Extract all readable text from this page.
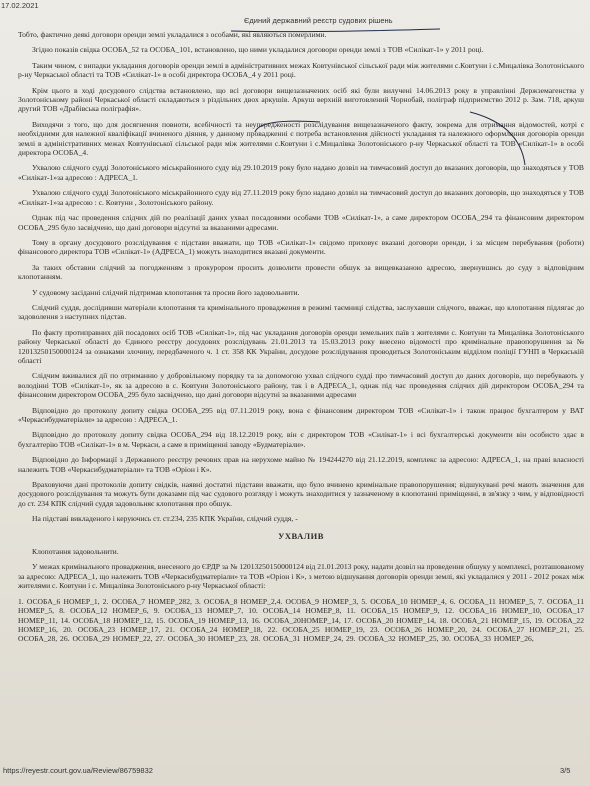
17.02.2021
Єдиний державний реєстр судових рішень

Тобто, фактично деякі договори оренди землі укладалися з особами, які являються померлими.

Згідно показів свідка ОСОБА_52 та ОСОБА_101, встановлено, що ними укладалися договори оренди землі з ТОВ «Силікат-1» у 2011 році.

Таким чином, с випадки укладання договорів оренди землі в адміністративних межах Ковтунівської сільської ради між жителями с.Ковтуни і с.Мицалівка Золотоніського р-ну Черкаської області та ТОВ «Силікат-1» в особі директора ОСОБА_4 у 2011 році.

Крім цього в ході досудового слідства встановлено, що всі договори вищезазначених осіб які були вилучені 14.06.2013 року в управлінні Держземагенства у Золотоніському районі Черкаської області складаються з різдільних двох аркушів. Аркуш верхній виготовлений Чорнобай, поліграф підприємство 2012 р. Зам. 718, аркуш другий ТОВ «Драбівська поліграфія».

Виходячи з того, що для досягнення повноти, всебічності та неупередженості розслідування вищезазначеного факту, зокрема для отримання відомостей, котрі є необхідними для належної кваліфікації вчиненого діяння, у данному провадженні є потреба встановлення дійсності укладання та належного оформлення договорів оренди землі в адміністративних межах Ковтунівської сільської ради між жителями с.Ковтуни і с.Мицалівка Золотоніського р-ну Черкаської області та ТОВ «Силікат-1» в особі директора ОСОБА_4.

Ухвалою слідчого судді Золотоніського міськрайонного суду від 29.10.2019 року було надано дозвіл на тимчасовий доступ до вказаних договорів, що знаходяться у ТОВ «Силікат-1»за адресою : АДРЕСА_1.

Ухвалою слідчого судді Золотоніського міськрайонного суду від 27.11.2019 року було надано дозвіл на тимчасовий доступ до вказаних договорів, що знаходяться у ТОВ «Силікат-1»за адресою : с. Ковтуни , Золотоніського району.

Однак під час проведення слідчих дій по реалізації даних ухвал посадовими особами ТОВ «Силікат-1», а саме директором ОСОБА_294 та фінансовим директором ОСОБА_295 було засвідчено, що дані договори відсутні за вказаними адресами.

Тому в органу досудового розслідування є підстави вважати, що ТОВ «Силікат-1» свідомо приховує вказані договори оренди, і за місцем перебування (роботи) фінансового директора ТОВ «Силікат-1» (АДРЕСА_1) можуть знаходитися вказані документи.

За таких обставин слідчий за погодженням з прокурором просить дозволити провести обшук за вищевказаною адресою, звернувшись до суду з відповідним клопотанням.

У судовому засіданні слідчий підтримав клопотання та просив його задовольнити.

Слідчий суддя, дослідивши матеріали клопотання та кримінального провадження в режимі таємниці слідства, заслухавши слідчого, вважає, що клопотання підлягає до задоволення з наступних підстав.

По факту протиправних дій посадових осіб ТОВ «Силікат-1», під час укладання договорів оренди земельних паїв з жителями с. Ковтуни та Мицалівка Золотоніського району Черкаської області до Єдиного реєстру досудових розслідувань 21.01.2013 та 15.03.2013 року внесено відомості про кримінальне правопорушення за № 12013250150000124 за ознаками злочину, передбаченого ч. 1 ст. 358 КК України, досудове розслідування проводиться Золотоніським відділом поліції ГУНП в Черкаській області

Слідчим вживалися дії по отриманню у добровільному порядку та за допомогою ухвал слідчого судді про тимчасовий доступ до даних договорів, що перебувають у володінні ТОВ «Силікат-1», як за адресою в с. Ковтуни Золотоніського району, так і в АДРЕСА_1, однак під час проведення слідчих дій директором ОСОБА_294 та фінансовим директором ОСОБА_295 було засвідчено, що дані договори відсутні за вказаними адресами

Відповідно до протоколу допиту свідка ОСОБА_295 від 07.11.2019 року, вона є фінансовим директором ТОВ «Силікат-1» і також працює бухгалтером у ВАТ «Черкасибудматеріали» за адресою : АДРЕСА_1.

Відповідно до протоколу допиту свідка ОСОБА_294 від 18.12.2019 року, він є директором ТОВ «Силікат-1» і всі бухгалтерські документи він особисто здає в бухгалтерію ТОВ «Силікат-1» в м. Черкаси, а саме в приміщенні заводу «Будматеріали».

Відповідно до Інформації з Державного реєстру речових прав на нерухоме майно № 194244270 від 21.12.2019, комплекс за адресою: АДРЕСА_1, на праві власності належить ТОВ «Черкасибудматеріали» та ТОВ «Оріон і К».

Враховуючи дані протоколів допиту свідків, наявні достатні підстави вважати, що було вчинено кримінальне правопорушення; відшукувані речі мають значення для досудового розслідування та можуть бути доказами під час судового розгляду і можуть знаходитися у зазначеному в клопотанні приміщенні, в зв'язку з чим, у відповідності до ст. 234 КПК слідчий суддя задовольняє клопотання про обшук.

На підставі викладеного і керуючись ст. ст.234, 235 КПК України, слідчий суддя, -

УХВАЛИВ

Клопотання задовольнити.

У межах кримінального провадження, внесеного до ЄРДР за № 12013250150000124 від 21.01.2013 року, надати дозвіл на проведення обшуку у комплексі, розташованому за адресою: АДРЕСА_1, що належить ТОВ «Черкасибудматеріали» та ТОВ «Оріон і К», з метою відшукання договорів оренди землі, які укладалися у 2011 - 2012 роках між жителями с. Ковтуни і с. Мицалівка Золотоніського р-ну Черкаської області:

1. ОСОБА_6 НОМЕР_1, 2. ОСОБА_7 НОМЕР_282, 3. ОСОБА_8 НОМЕР_2,4. ОСОБА_9 НОМЕР_3, 5. ОСОБА_10 НОМЕР_4, 6. ОСОБА_11 НОМЕР_5, 7. ОСОБА_11 НОМЕР_5, 8. ОСОБА_12 НОМЕР_6, 9. ОСОБА_13 НОМЕР_7, 10. ОСОБА_14 НОМЕР_8, 11. ОСОБА_15 НОМЕР_9, 12. ОСОБА_16 НОМЕР_10, ОСОБА_17 НОМЕР_11, 14. ОСОБА_18 НОМЕР_12, 15. ОСОБА_19 НОМЕР_13, 16. ОСОБА_20НОМЕР_14, 17. ОСОБА_20 НОМЕР_14, 18. ОСОБА_21 НОМЕР_15, 19. ОСОБА_22 НОМЕР_16, 20. ОСОБА_23 НОМЕР_17, 21. ОСОБА_24 НОМЕР_18, 22. ОСОБА_25 НОМЕР_19, 23. ОСОБА_26 НОМЕР_20, 24. ОСОБА_27 НОМЕР_21, 25. ОСОБА_28, 26. ОСОБА_29 НОМЕР_22, 27. ОСОБА_30 НОМЕР_23, 28. ОСОБА_31 НОМЕР_24, 29. ОСОБА_32 НОМЕР_25, 30. ОСОБА_33 НОМЕР_26,

https://reyestr.court.gov.ua/Review/86759832	3/5
